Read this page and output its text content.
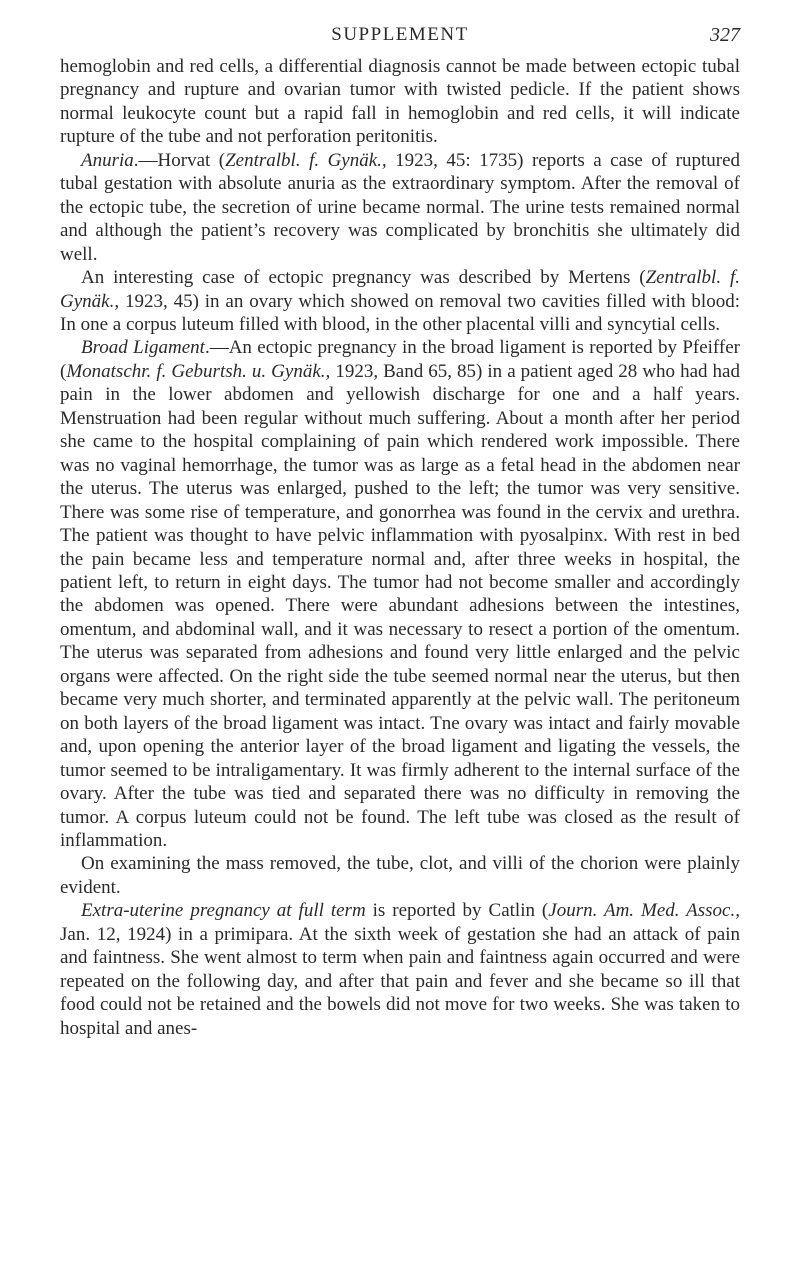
SUPPLEMENT	327

hemoglobin and red cells, a differential diagnosis cannot be made between ectopic tubal pregnancy and rupture and ovarian tumor with twisted pedicle. If the patient shows normal leukocyte count but a rapid fall in hemoglobin and red cells, it will indicate rupture of the tube and not perforation peritonitis.

Anuria.—Horvat (Zentralbl. f. Gynäk., 1923, 45: 1735) reports a case of ruptured tubal gestation with absolute anuria as the extraordinary symptom. After the removal of the ectopic tube, the secretion of urine became normal. The urine tests remained normal and although the patient’s recovery was complicated by bronchitis she ultimately did well.

An interesting case of ectopic pregnancy was described by Mertens (Zentralbl. f. Gynäk., 1923, 45) in an ovary which showed on removal two cavities filled with blood: In one a corpus luteum filled with blood, in the other placental villi and syncytial cells.

Broad Ligament.—An ectopic pregnancy in the broad ligament is reported by Pfeiffer (Monatschr. f. Geburtsh. u. Gynäk., 1923, Band 65, 85) in a patient aged 28 who had had pain in the lower abdomen and yellowish discharge for one and a half years. Menstruation had been regular without much suffering. About a month after her period she came to the hospital complaining of pain which rendered work impossible. There was no vaginal hemorrhage, the tumor was as large as a fetal head in the abdomen near the uterus. The uterus was enlarged, pushed to the left; the tumor was very sensitive. There was some rise of temperature, and gonorrhea was found in the cervix and urethra. The patient was thought to have pelvic inflammation with pyosalpinx. With rest in bed the pain became less and temperature normal and, after three weeks in hospital, the patient left, to return in eight days. The tumor had not become smaller and accordingly the abdomen was opened. There were abundant adhesions between the intestines, omentum, and abdominal wall, and it was necessary to resect a portion of the omentum. The uterus was separated from adhesions and found very little enlarged and the pelvic organs were affected. On the right side the tube seemed normal near the uterus, but then became very much shorter, and terminated apparently at the pelvic wall. The peritoneum on both layers of the broad ligament was intact. Tne ovary was intact and fairly movable and, upon opening the anterior layer of the broad ligament and ligating the vessels, the tumor seemed to be intraligamentary. It was firmly adherent to the internal surface of the ovary. After the tube was tied and separated there was no difficulty in removing the tumor. A corpus luteum could not be found. The left tube was closed as the result of inflammation.

On examining the mass removed, the tube, clot, and villi of the chorion were plainly evident.

Extra-uterine pregnancy at full term is reported by Catlin (Journ. Am. Med. Assoc., Jan. 12, 1924) in a primipara. At the sixth week of gestation she had an attack of pain and faintness. She went almost to term when pain and faintness again occurred and were repeated on the following day, and after that pain and fever and she became so ill that food could not be retained and the bowels did not move for two weeks. She was taken to hospital and anes-
